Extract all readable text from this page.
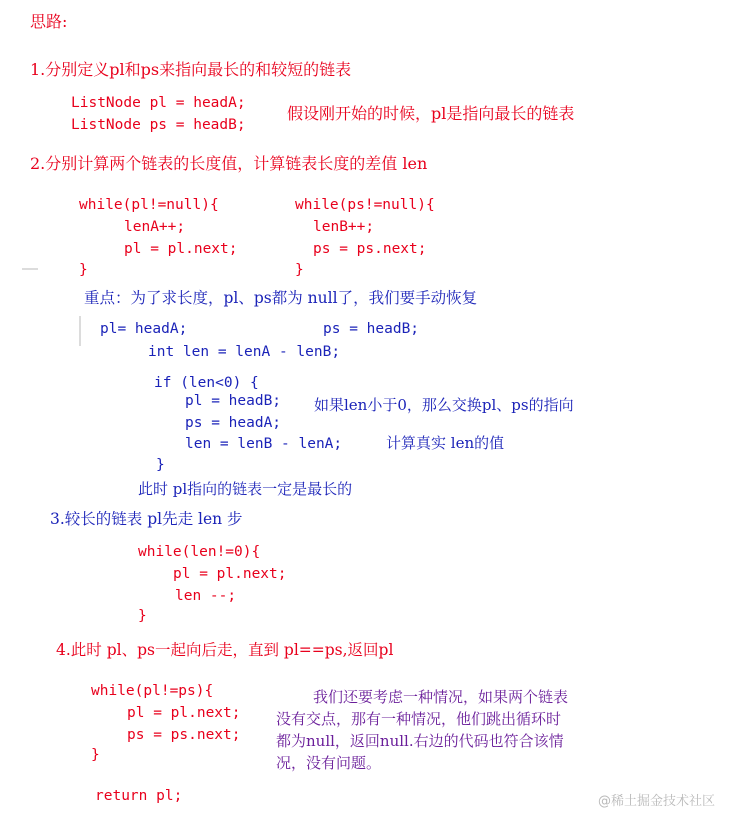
思路:
1.分别定义pl和ps来指向最长的和较短的链表
ListNode pl = headA;
ListNode ps = headB;
假设刚开始的时候，pl是指向最长的链表
2.分别计算两个链表的长度值，计算链表长度的差值 len
while(pl!=null){
lenA++;
pl = pl.next;
}
while(ps!=null){
lenB++;
ps = ps.next;
}
重点：为了求长度，pl、ps都为 null了，我们要手动恢复
pl= headA;	ps = headB;
int len = lenA - lenB;
if (len<0) {
pl = headB;
ps = headA;
len = lenB - lenA;
}
如果len小于0，那么交换pl、ps的指向
计算真实 len的值
此时 pl指向的链表一定是最长的
3.较长的链表 pl先走 len 步
while(len!=0){
pl = pl.next;
len --;
}
4.此时 pl、ps一起向后走，直到 pl==ps,返回pl
while(pl!=ps){
pl = pl.next;
ps = ps.next;
}
return pl;
我们还要考虑一种情况，如果两个链表
没有交点，那有一种情况，他们跳出循环时
都为null，返回null.右边的代码也符合该情
况，没有问题。
@稀土掘金技术社区
